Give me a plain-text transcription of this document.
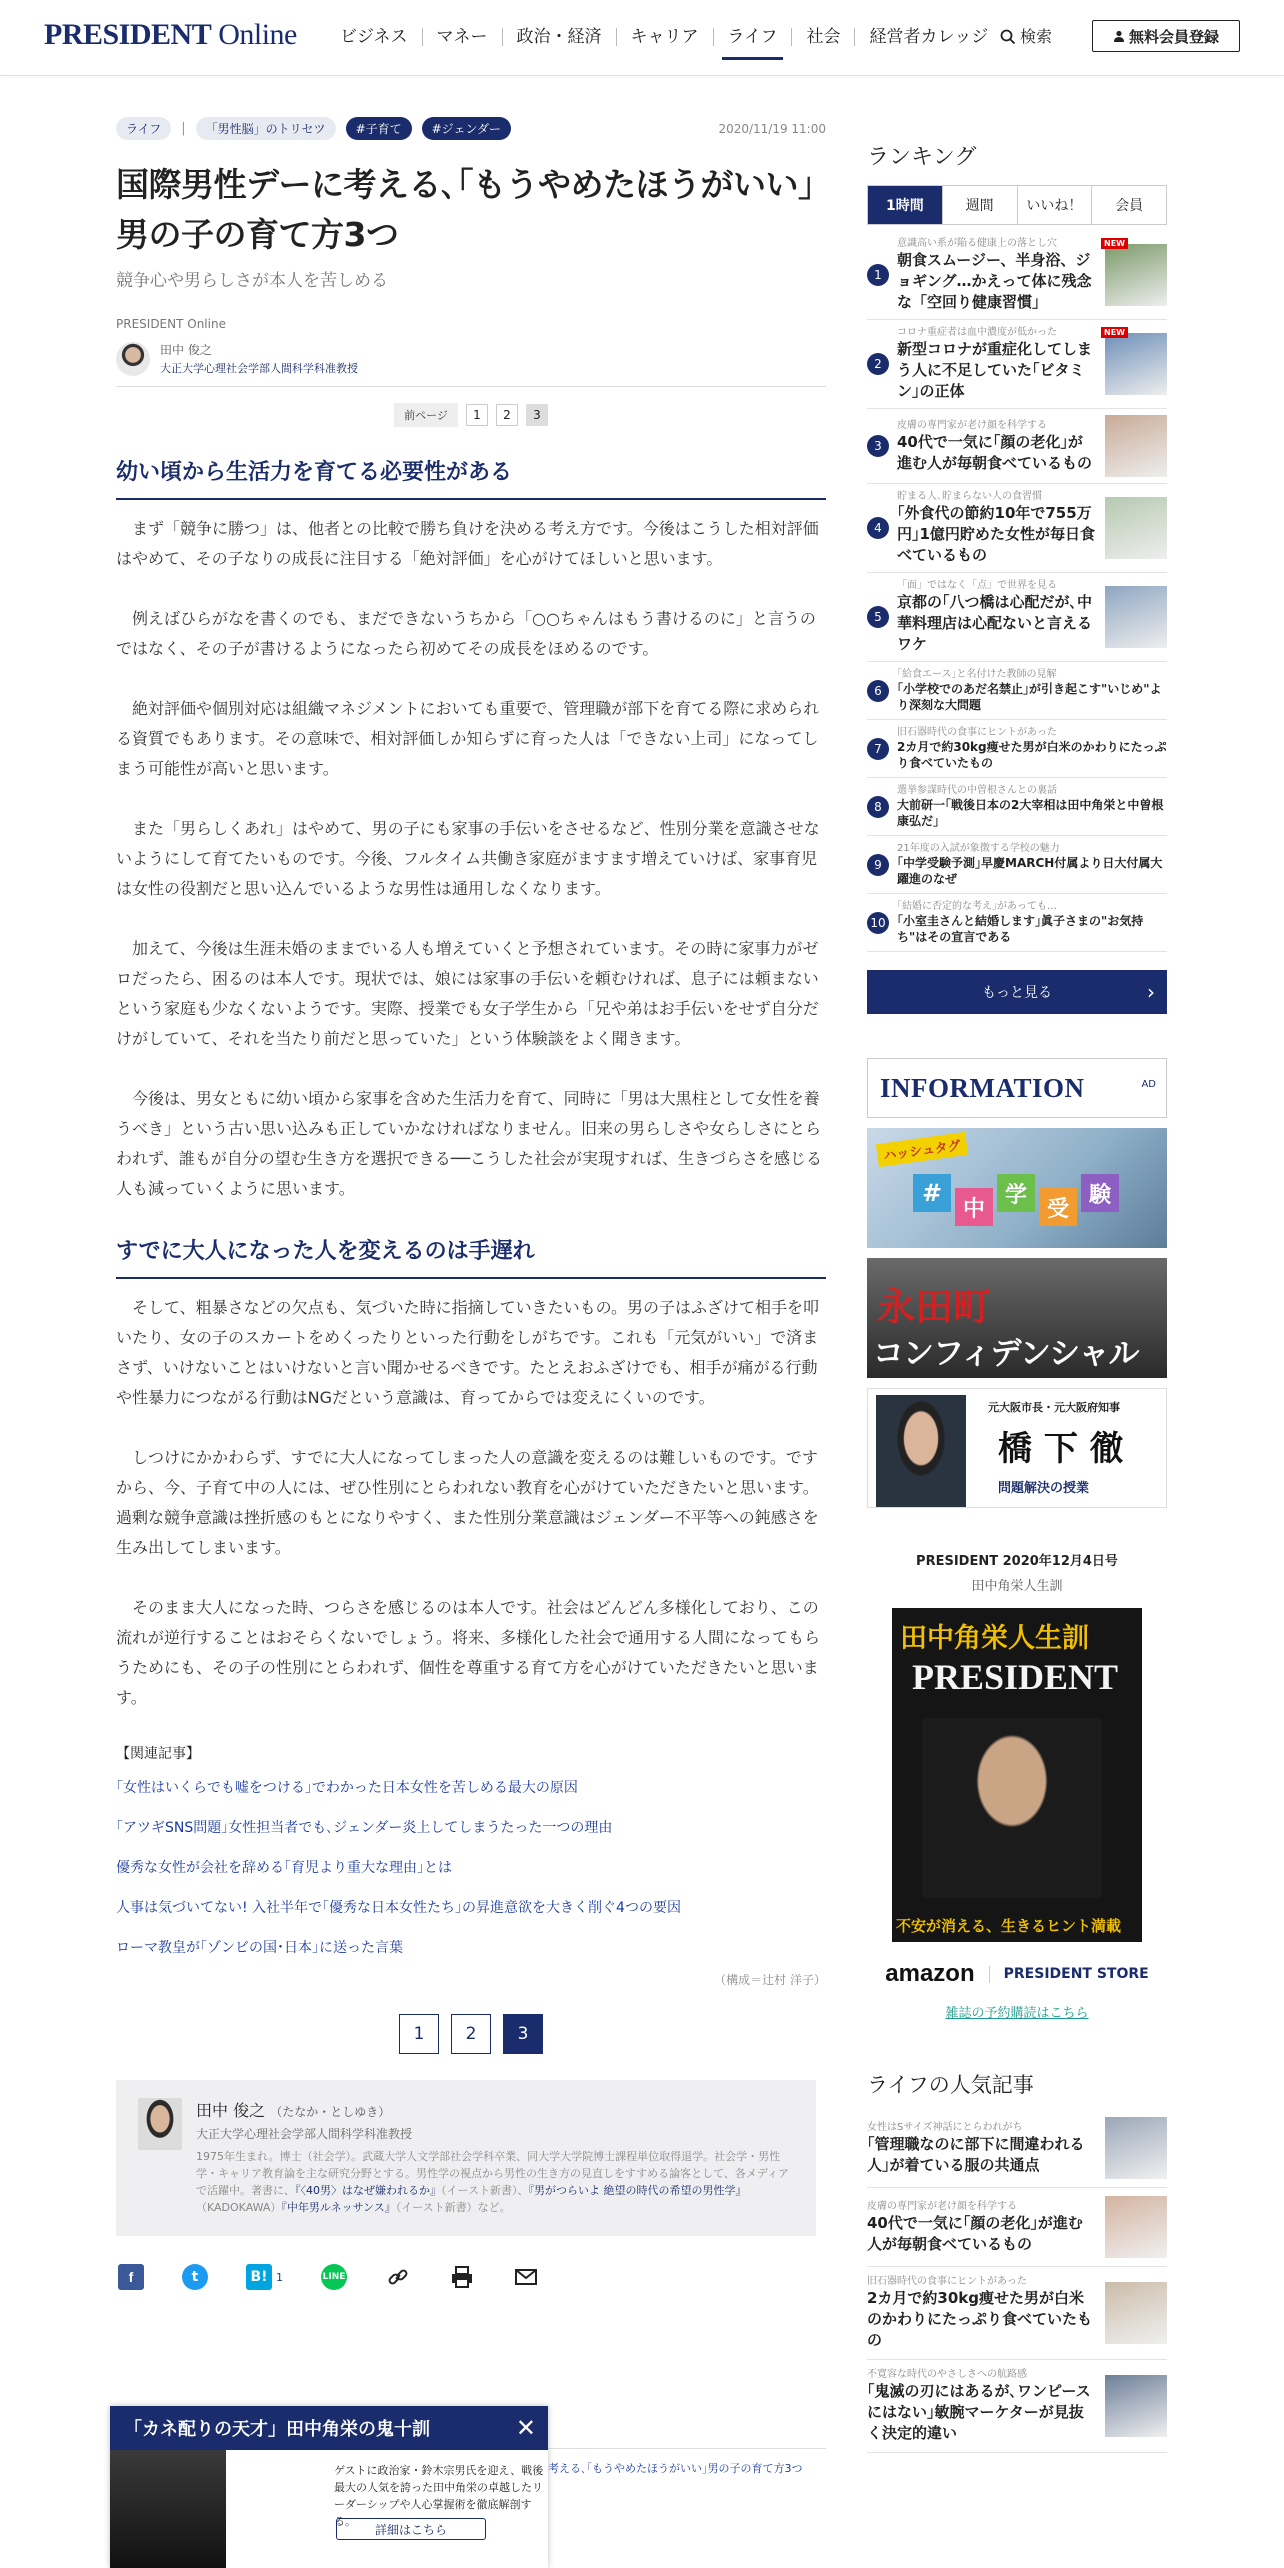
PRESIDENT Online	ビジネス	マネー	政治・経済	キャリア	ライフ	社会	経営者カレッジ	検索	無料会員登録
ライフ	|	「男性脳」のトリセツ	#子育て	#ジェンダー	2020/11/19 11:00
国際男性デーに考える､｢もうやめたほうがいい｣男の子の育て方3つ

競争心や男らしさが本人を苦しめる

PRESIDENT Online

田中 俊之
大正大学心理社会学部人間科学科准教授
前ページ	1	2	3
幼い頃から生活力を育てる必要性がある

まず「競争に勝つ」は、他者との比較で勝ち負けを決める考え方です。今後はこうした相対評価はやめて、その子なりの成長に注目する「絶対評価」を心がけてほしいと思います。

例えばひらがなを書くのでも、まだできないうちから「○○ちゃんはもう書けるのに」と言うのではなく、その子が書けるようになったら初めてその成長をほめるのです。

絶対評価や個別対応は組織マネジメントにおいても重要で、管理職が部下を育てる際に求められる資質でもあります。その意味で、相対評価しか知らずに育った人は「できない上司」になってしまう可能性が高いと思います。

また「男らしくあれ」はやめて、男の子にも家事の手伝いをさせるなど、性別分業を意識させないようにして育てたいものです。今後、フルタイム共働き家庭がますます増えていけば、家事育児は女性の役割だと思い込んでいるような男性は通用しなくなります。

加えて、今後は生涯未婚のままでいる人も増えていくと予想されています。その時に家事力がゼロだったら、困るのは本人です。現状では、娘には家事の手伝いを頼むければ、息子には頼まないという家庭も少なくないようです。実際、授業でも女子学生から「兄や弟はお手伝いをせず自分だけがしていて、それを当たり前だと思っていた」という体験談をよく聞きます。

今後は、男女ともに幼い頃から家事を含めた生活力を育て、同時に「男は大黒柱として女性を養うべき」という古い思い込みも正していかなければなりません。旧来の男らしさや女らしさにとらわれず、誰もが自分の望む生き方を選択できる──こうした社会が実現すれば、生きづらさを感じる人も減っていくように思います。

すでに大人になった人を変えるのは手遅れ

そして、粗暴さなどの欠点も、気づいた時に指摘していきたいもの。男の子はふざけて相手を叩いたり、女の子のスカートをめくったりといった行動をしがちです。これも「元気がいい」で済まさず、いけないことはいけないと言い聞かせるべきです。たとえおふざけでも、相手が痛がる行動や性暴力につながる行動はNGだという意識は、育ってからでは変えにくいのです。

しつけにかかわらず、すでに大人になってしまった人の意識を変えるのは難しいものです。ですから、今、子育て中の人には、ぜひ性別にとらわれない教育を心がけていただきたいと思います。過剰な競争意識は挫折感のもとになりやすく、また性別分業意識はジェンダー不平等への鈍感さを生み出してしまいます。

そのまま大人になった時、つらさを感じるのは本人です。社会はどんどん多様化しており、この流れが逆行することはおそらくないでしょう。将来、多様化した社会で通用する人間になってもらうためにも、その子の性別にとらわれず、個性を尊重する育て方を心がけていただきたいと思います。

【関連記事】
｢女性はいくらでも嘘をつける｣でわかった日本女性を苦しめる最大の原因
｢アツギSNS問題｣女性担当者でも､ジェンダー炎上してしまうたった一つの理由
優秀な女性が会社を辞める｢育児より重大な理由｣とは
人事は気づいてない! 入社半年で｢優秀な日本女性たち｣の昇進意欲を大きく削ぐ4つの要因
ローマ教皇が｢ゾンビの国･日本｣に送った言葉

（構成＝辻村 洋子）

1	2	3
田中 俊之 （たなか・としゆき）
大正大学心理社会学部人間科学科准教授
1975年生まれ。博士（社会学）。武蔵大学人文学部社会学科卒業、同大学大学院博士課程単位取得退学。社会学・男性学・キャリア教育論を主な研究分野とする。男性学の視点から男性の生き方の見直しをすすめる論客として、各メディアで活躍中。著書に、『〈40男〉はなぜ嫌われるか』（イースト新書）、『男がつらいよ 絶望の時代の希望の男性学』（KADOKAWA）『中年男ルネッサンス』（イースト新書）など。
f	t	B! 1	LINE
考える､｢もうやめたほうがいい｣男の子の育て方3つ
ランキング
1時間	週間	いいね！	会員
1
意識高い系が陥る健康上の落とし穴
朝食スムージー、半身浴、ジョギング…かえって体に残念な「空回り健康習慣」
NEW
2
コロナ重症者は血中濃度が低かった
新型コロナが重症化してしまう人に不足していた｢ビタミン｣の正体
NEW
3
皮膚の専門家が老け顔を科学する
40代で一気に｢顔の老化｣が進む人が毎朝食べているもの
4
貯まる人､貯まらない人の食習慣
｢外食代の節約10年で755万円｣1億円貯めた女性が毎日食べているもの
5
「面」ではなく「点」で世界を見る
京都の｢八つ橋は心配だが､中華料理店は心配ないと言えるワケ
6
｢給食エース｣と名付けた教師の見解
｢小学校でのあだ名禁止｣が引き起こす"いじめ"より深刻な大問題
7
旧石器時代の食事にヒントがあった
2カ月で約30kg痩せた男が白米のかわりにたっぷり食べていたもの
8
選挙参謀時代の中曽根さんとの裏話
大前研一｢戦後日本の2大宰相は田中角栄と中曽根康弘だ｣
9
21年度の入試が象徴する学校の魅力
｢中学受験予測｣早慶MARCH付属より日大付属大躍進のなぜ
10
｢結婚に否定的な考え｣があっても…
｢小室圭さんと結婚します｣眞子さまの"お気持ち"はその宣言である
もっと見る ›
INFORMATION	AD
ハッシュタグ
#
中
学
受
験
永田町
コンフィデンシャル
元大阪市長・元大阪府知事
橋 下 徹
問題解決の授業
PRESIDENT 2020年12月4日号
田中角栄人生訓
田中角栄人生訓
PRESIDENT
不安が消える、生きるヒント満載
amazon	PRESIDENT STORE
雑誌の予約購読はこちら
ライフの人気記事
女性はSサイズ神話にとらわれがち
｢管理職なのに部下に間違われる人｣が着ている服の共通点
皮膚の専門家が老け顔を科学する
40代で一気に｢顔の老化｣が進む人が毎朝食べているもの
旧石器時代の食事にヒントがあった
2カ月で約30kg痩せた男が白米のかわりにたっぷり食べていたもの
不寛容な時代のやさしさへの航路感
｢鬼滅の刃にはあるが､ワンピースにはない｣敏腕マーケターが見抜く決定的違い
「カネ配りの天才」田中角栄の鬼十訓	✕
ゲストに政治家・鈴木宗男氏を迎え、戦後最大の人気を誇った田中角栄の卓越したリーダーシップや人心掌握術を徹底解剖する。
詳細はこちら
